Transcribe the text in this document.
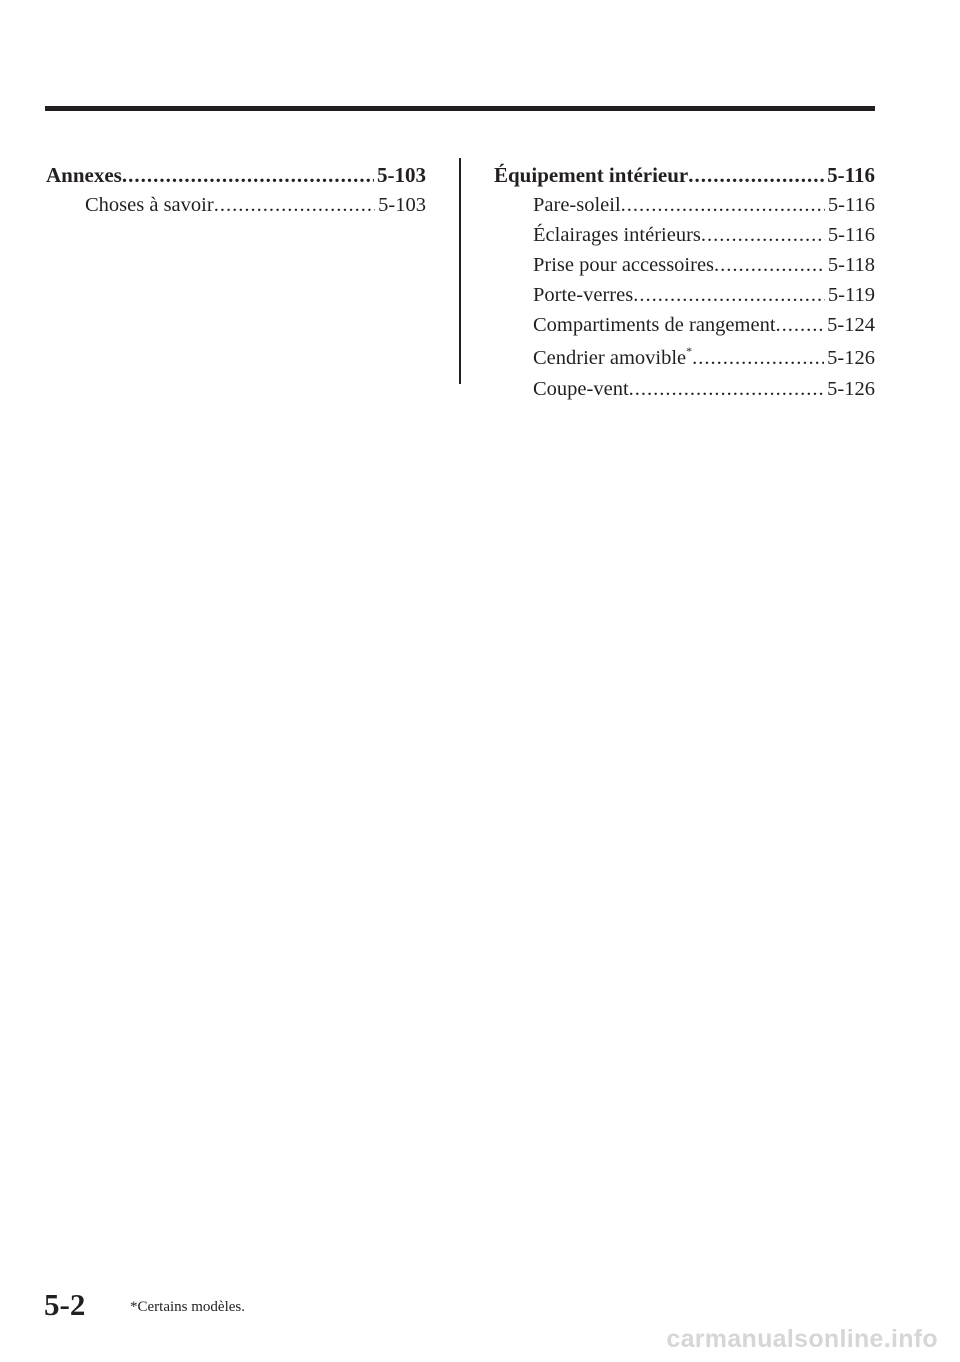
Annexes .....	5-103
Choses à savoir .....	5-103
Équipement intérieur .....	5-116
Pare-soleil .....	5-116
Éclairages intérieurs .....	5-116
Prise pour accessoires .....	5-118
Porte-verres .....	5-119
Compartiments de rangement .....	5-124
Cendrier amovible* .....	5-126
Coupe-vent .....	5-126
5-2	*Certains modèles.
carmanualsonline.info
